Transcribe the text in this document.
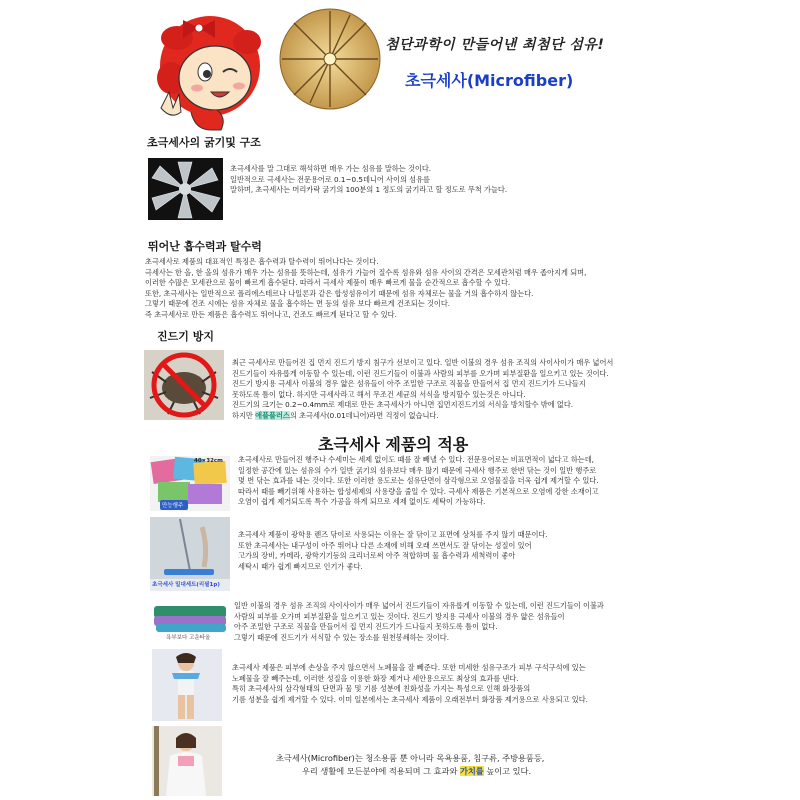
첨단과학이 만들어낸 최첨단 섬유!
초극세사(Microfiber)
초극세사의 굵기및 구조
초극세사를 말 그대로 해석하면 매우 가는 섬유를 말하는 것이다.
일반적으로 극세사는 전문용어로 0.1~0.5데니어 사이의 섬유를
말하며, 초극세사는 머리카락 굵기의 100분의 1 정도의 굵기라고 할 정도로 무척 가늘다.
뛰어난 흡수력과 탈수력
초극세사로 제품의 대표적인 특징은 흡수력과 탈수력이 뛰어나다는 것이다.
극세사는 한 올, 한 올의 섬유가 매우 가는 섬유를 뜻하는데, 섬유가 가늘어 질수록 섬유와 섬유 사이의 간격은 모세관처럼 매우 좁아지게 되며,
이러한 수많은 모세관으로 물이 빠르게 흡수된다. 따라서 극세사 제품이 매우 빠르게 물을 순간적으로 흡수할 수 있다.
또한, 초극세사는 일반적으로 폴리에스테르나 나일론과 같은 합성섬유이기 때문에 섬유 자체로는 물을 거의 흡수하지 않는다.
그렇기 때문에 건조 시에는 섬유 자체로 물을 흡수하는 면 등의 섬유 보다 빠르게 건조되는 것이다.
즉 초극세사로 만든 제품은 흡수력도 뛰어나고, 건조도 빠르게 된다고 할 수 있다.
진드기 방지
최근 극세사로 만들어진 집 먼지 진드기 방지 침구가 선보이고 있다. 일반 이불의 경우 섬유 조직의 사이사이가 매우 넓어서
진드기들이 자유롭게 이동할 수 있는데, 이런 진드기들이 이불과 사람의 피부를 오가며 피부질환을 일으키고 있는 것이다.
진드기 방지용 극세사 이불의 경우 얇은 섬유들이 아주 조밀한 구조로 직물을 만들어서 집 먼지 진드기가 드나들지
못하도록 틈이 없다. 하지만 극세사라고 해서 무조건 세균의 서식을 방지할수 있는것은 아니다.
진드기의 크기는 0.2~0.4mm로 제대로 만든 초극세사가 아니면 집먼지진드기의 서식을 방치할수 밖에 없다.
하지만 애플플러스의 초극세사(0.01데니어)라면 걱정이 없습니다.
초극세사 제품의 적용
40×32cm
만능행주
초극세사로 만들어진 행주나 수세미는 세제 없이도 때를 잘 빼낼 수 있다. 전문용어로는 비표면적이 넓다고 하는데,
일정한 공간에 있는 섬유의 수가 일반 굵기의 섬유보다 매우 많기 때문에 극세사 행주로 한번 닦는 것이 일반 행주로
몇 번 닦는 효과를 내는 것이다. 또한 이러한 용도로는 섬유단면이 삼각형으로 오염물질을 더욱 쉽게 제거할 수 있다.
따라서 때를 빼기위해 사용하는 합성세제의 사용량을 줄일 수 있다. 극세사 제품은 기본적으로 오염에 강한 소재이고
오염이 쉽게 제거되도록 특수 가공을 하게 되므로 세제 없이도 세탁이 가능하다.
초극세사 밀대세트(리필1p)
초극세사 제품이 광학용 렌즈 닦이로 사용되는 이유는 잘 닦이고 표면에 상처를 주지 않기 때문이다.
또한 초극세사는 내구성이 아주 뛰어나 다른 소재에 비해 오래 쓰면서도 잘 닦이는 성질이 있어
고가의 장비, 카메라, 광학기기등의 크리너로써 아주 적합하며 물 흡수력과 세척력이 좋아
세탁시 때가 쉽게 빠지므로 인기가 좋다.
욕부보다 고운타올
일반 이불의 경우 섬유 조직의 사이사이가 매우 넓어서 진드기들이 자유롭게 이동할 수 있는데, 이런 진드기들이 이불과
사람의 피부를 오가며 피부질환을 일으키고 있는 것이다. 진드기 방지용 극세사 이불의 경우 얇은 섬유들이
아주 조밀한 구조로 직물을 만들어서 집 먼지 진드기가 드나들지 못하도록 틈이 없다.
그렇기 때문에 진드기가 서식할 수 있는 장소를 원천봉쇄하는 것이다.
초극세사 제품은 피부에 손상을 주지 않으면서 노폐물을 잘 빼준다. 또한 미세한 섬유구조가 피부 구석구석에 있는
노폐물을 잘 빼주는데, 이러한 성질을 이용한 화장 제거나 세안용으로도 최상의 효과를 낸다.
특히 초극세사의 삼각형태의 단면과 물 및 기름 성분에 친화성을 가지는 특성으로 인해 화장품의
기름 성분을 쉽게 제거할 수 있다. 이미 일본에서는 초극세사 제품이 오래전부터 화장품 제거용으로 사용되고 있다.
초극세사(Microfiber)는 청소용품 뿐 아니라 목욕용품, 침구류, 주방용품등,
우리 생활에 모든분야에 적용되며 그 효과와 가치를 높이고 있다.
